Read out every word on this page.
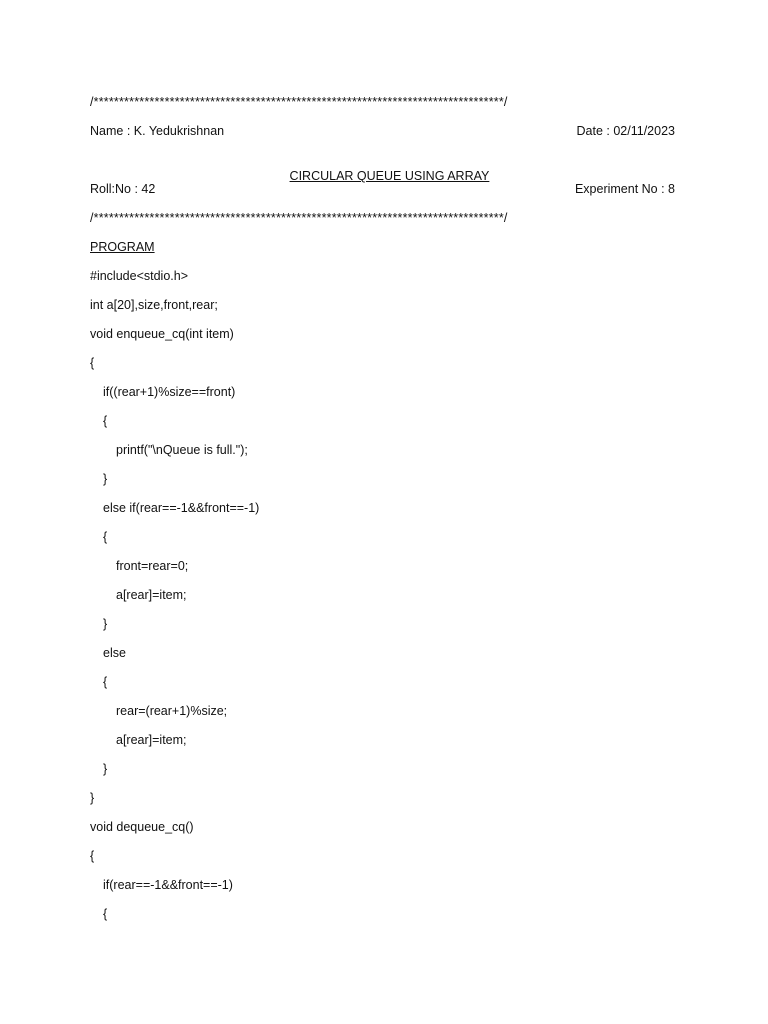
/*********************************************************************************/
Name : K. Yedukrishnan	Date : 02/11/2023

CIRCULAR QUEUE USING ARRAY

Roll:No : 42	Experiment No : 8
/*********************************************************************************/
PROGRAM
#include<stdio.h>
int a[20],size,front,rear;
void enqueue_cq(int item)
{
if((rear+1)%size==front)
{
printf("\nQueue is full.");
}
else if(rear==-1&&front==-1)
{
front=rear=0;
a[rear]=item;
}
else
{
rear=(rear+1)%size;
a[rear]=item;
}
}
void dequeue_cq()
{
if(rear==-1&&front==-1)
{
